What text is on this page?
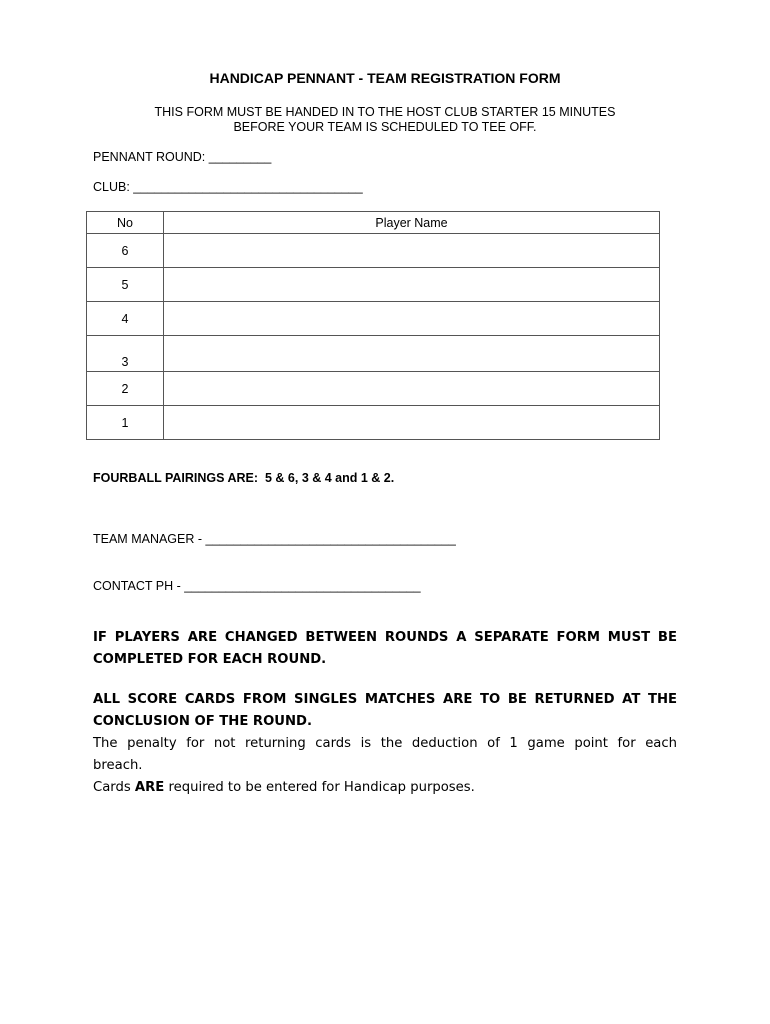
HANDICAP PENNANT - TEAM REGISTRATION FORM
THIS FORM MUST BE HANDED IN TO THE HOST CLUB STARTER 15 MINUTES
BEFORE YOUR TEAM IS SCHEDULED TO TEE OFF.
PENNANT ROUND: _________
CLUB: _________________________________
No	Player Name
6	
5	
4	
3	
2	
1	
FOURBALL PAIRINGS ARE:  5 & 6, 3 & 4 and 1 & 2.
TEAM MANAGER - ____________________________________
CONTACT PH - __________________________________
IF PLAYERS ARE CHANGED BETWEEN ROUNDS A SEPARATE FORM MUST BE
COMPLETED FOR EACH ROUND.
ALL SCORE CARDS FROM SINGLES MATCHES ARE TO BE RETURNED AT THE
CONCLUSION OF THE ROUND.
The penalty for not returning cards is the deduction of 1 game point for each
breach.
Cards ARE required to be entered for Handicap purposes.
